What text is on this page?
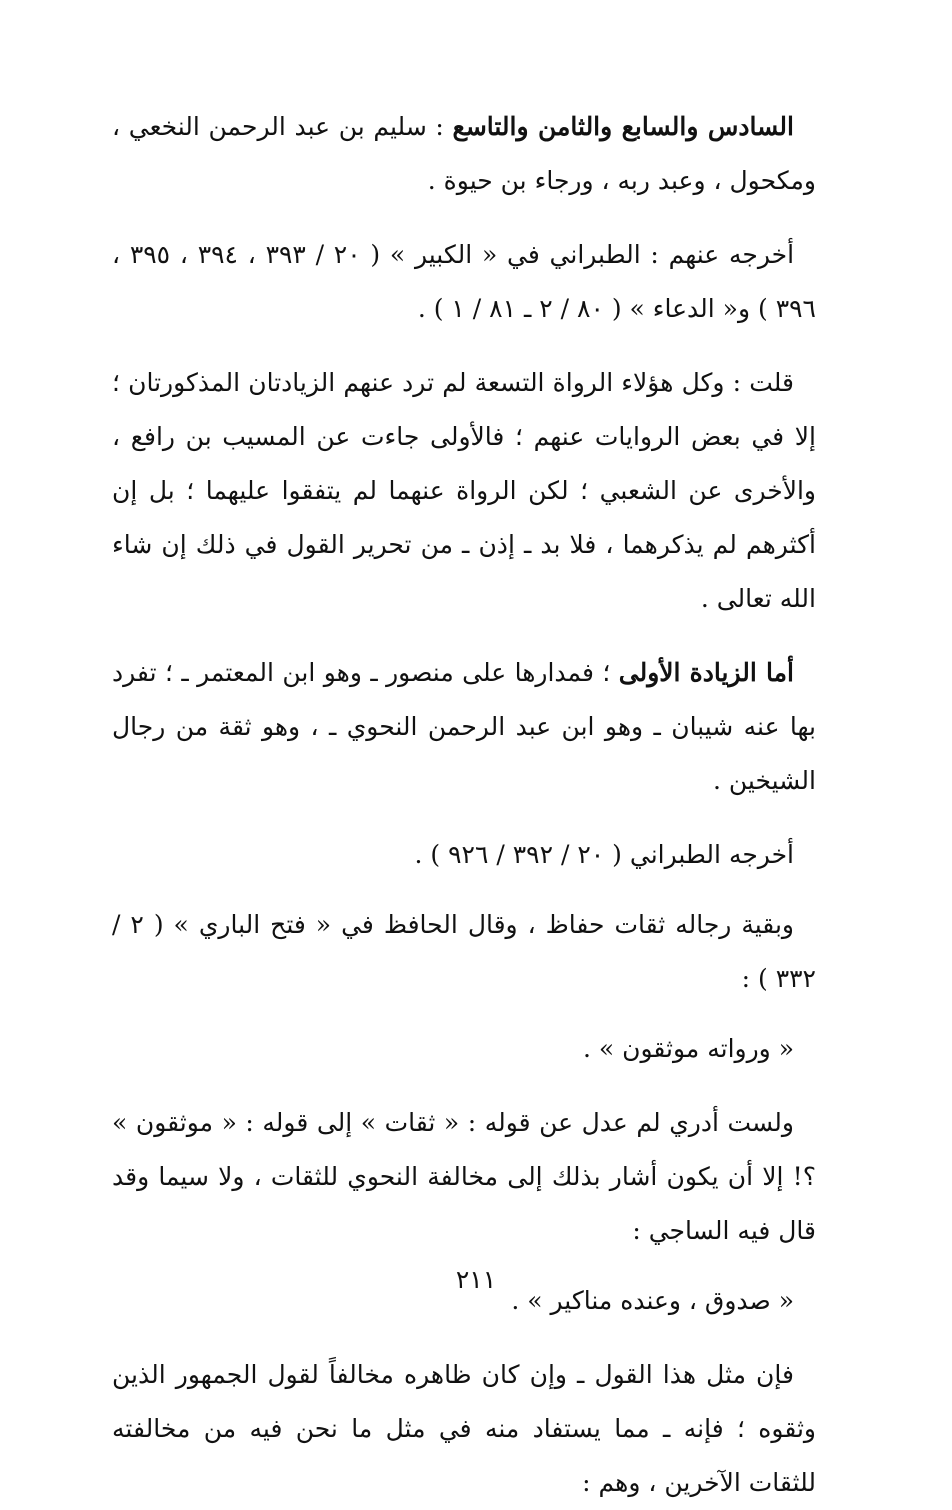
السادس والسابع والثامن والتاسع : سليم بن عبد الرحمن النخعي ، ومكحول ، وعبد ربه ، ورجاء بن حيوة .

أخرجه عنهم : الطبراني في « الكبير » ( ٢٠ / ٣٩٣ ، ٣٩٤ ، ٣٩٥ ، ٣٩٦ ) و« الدعاء » ( ٨٠ / ٢ ـ ٨١ / ١ ) .

قلت : وكل هؤلاء الرواة التسعة لم ترد عنهم الزيادتان المذكورتان ؛ إلا في بعض الروايات عنهم ؛ فالأولى جاءت عن المسيب بن رافع ، والأخرى عن الشعبي ؛ لكن الرواة عنهما لم يتفقوا عليهما ؛ بل إن أكثرهم لم يذكرهما ، فلا بد ـ إذن ـ من تحرير القول في ذلك إن شاء الله تعالى .

أما الزيادة الأولى ؛ فمدارها على منصور ـ وهو ابن المعتمر ـ ؛ تفرد بها عنه شيبان ـ وهو ابن عبد الرحمن النحوي ـ ، وهو ثقة من رجال الشيخين .

أخرجه الطبراني ( ٢٠ / ٣٩٢ / ٩٢٦ ) .

وبقية رجاله ثقات حفاظ ، وقال الحافظ في « فتح الباري » ( ٢ / ٣٣٢ ) :

« ورواته موثقون » .

ولست أدري لم عدل عن قوله : « ثقات » إلى قوله : « موثقون » ؟! إلا أن يكون أشار بذلك إلى مخالفة النحوي للثقات ، ولا سيما وقد قال فيه الساجي :

« صدوق ، وعنده مناكير » .

فإن مثل هذا القول ـ وإن كان ظاهره مخالفاً لقول الجمهور الذين وثقوه ؛ فإنه ـ مما يستفاد منه في مثل ما نحن فيه من مخالفته للثقات الآخرين ، وهم :

٢١١
